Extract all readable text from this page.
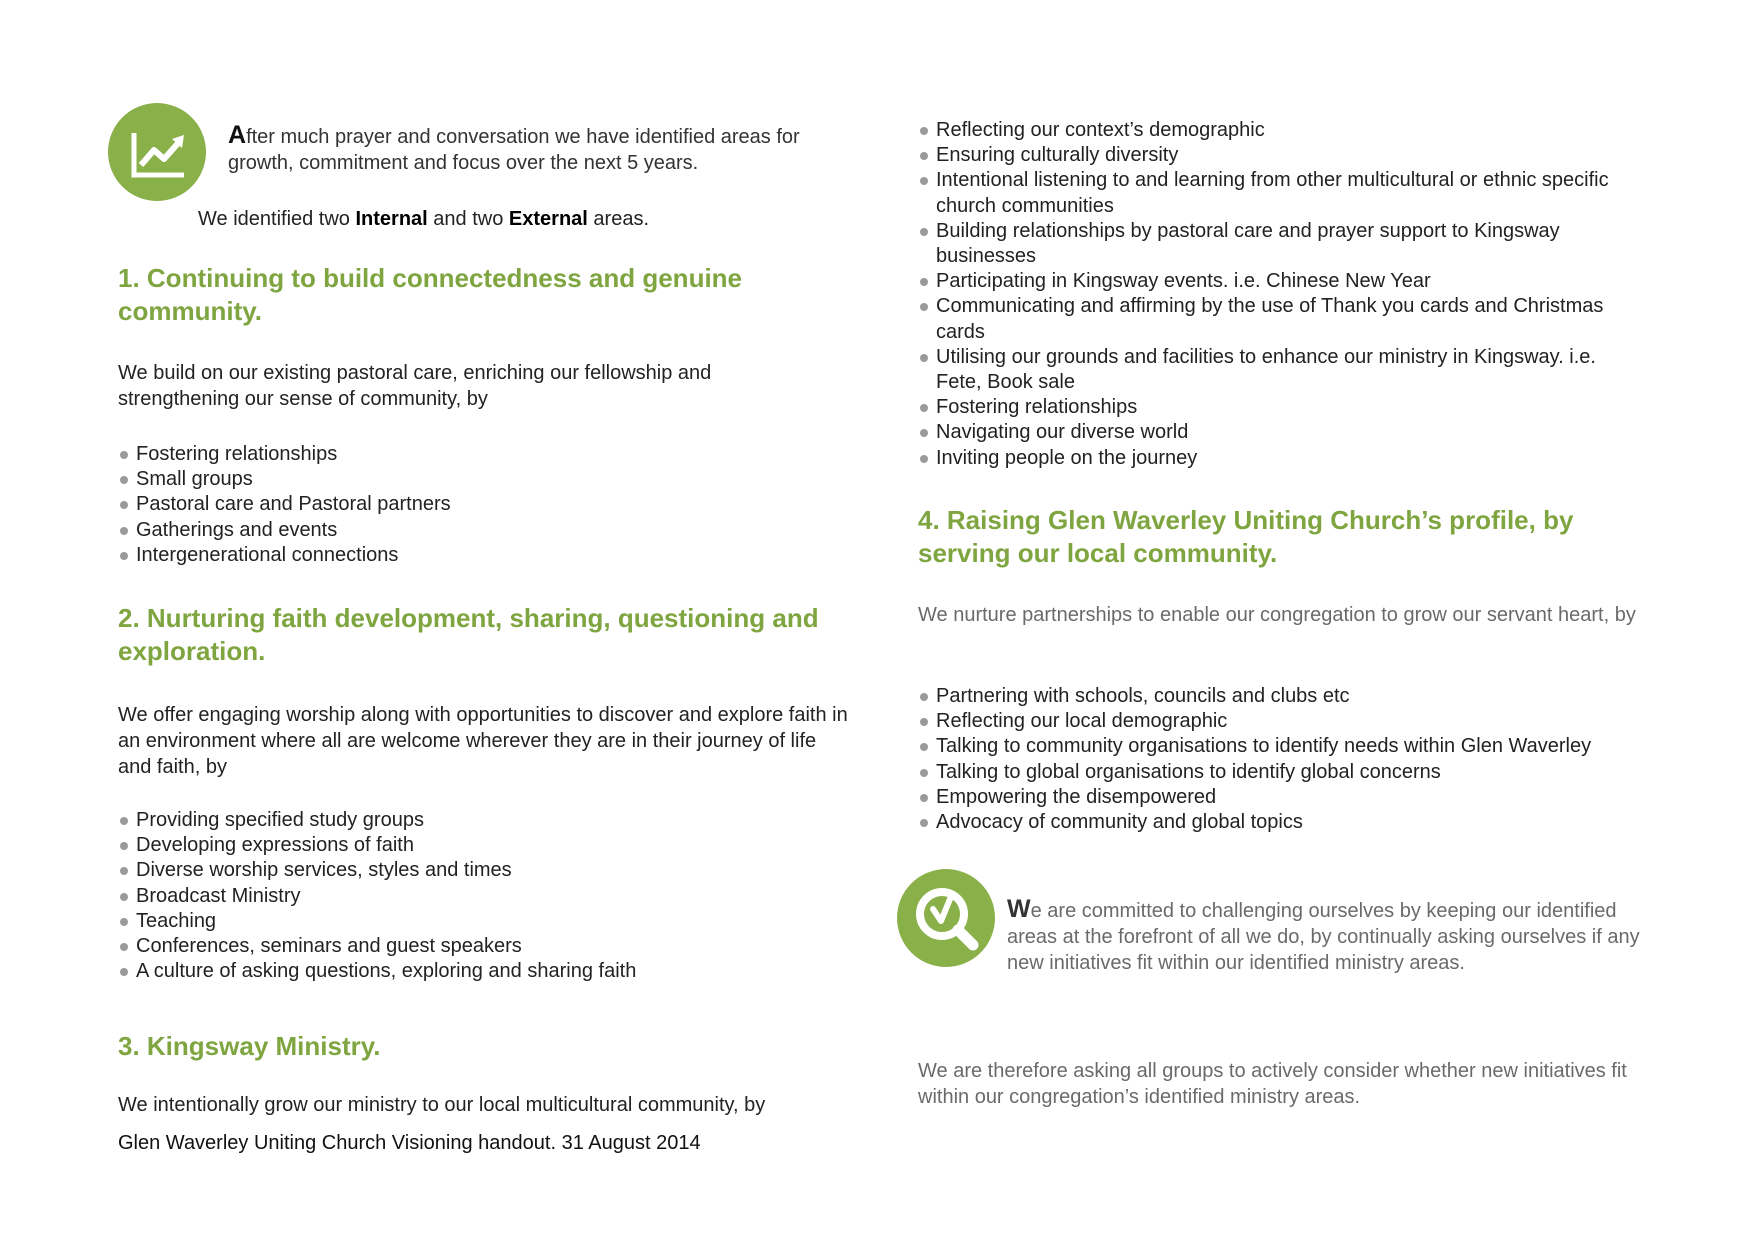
After much prayer and conversation we have identified areas for growth, commitment and focus over the next 5 years.
We identified two Internal and two External areas.
1. Continuing to build connectedness and genuine community.
We build on our existing pastoral care, enriching our fellowship and strengthening our sense of community, by
Fostering relationships
Small groups
Pastoral care and Pastoral partners
Gatherings and events
Intergenerational connections
2. Nurturing faith development, sharing, questioning and exploration.
We offer engaging worship along with opportunities to discover and explore faith in an environment where all are welcome wherever they are in their journey of life and faith, by
Providing specified study groups
Developing expressions of faith
Diverse worship services, styles and times
Broadcast Ministry
Teaching
Conferences, seminars and guest speakers
A culture of asking questions, exploring and sharing faith
3. Kingsway Ministry.
We intentionally grow our ministry to our local multicultural community, by
Glen Waverley Uniting Church Visioning handout. 31 August 2014
Reflecting our context’s demographic
Ensuring culturally diversity
Intentional listening to and learning from other multicultural or ethnic specific church communities
Building relationships by pastoral care and prayer support to Kingsway businesses
Participating in Kingsway events. i.e. Chinese New Year
Communicating and affirming by the use of Thank you cards and Christmas cards
Utilising our grounds and facilities to enhance our ministry in Kingsway. i.e. Fete, Book sale
Fostering relationships
Navigating our diverse world
Inviting people on the journey
4. Raising Glen Waverley Uniting Church’s profile, by serving our local community.
We nurture partnerships to enable our congregation to grow our servant heart, by
Partnering with schools, councils and clubs etc
Reflecting our local demographic
Talking to community organisations to identify needs within Glen Waverley
Talking to global organisations to identify global concerns
Empowering the disempowered
Advocacy of community and global topics
We are committed to challenging ourselves by keeping our identified areas at the forefront of all we do, by continually asking ourselves if any new initiatives fit within our identified ministry areas.
We are therefore asking all groups to actively consider whether new initiatives fit within our congregation’s identified ministry areas.
